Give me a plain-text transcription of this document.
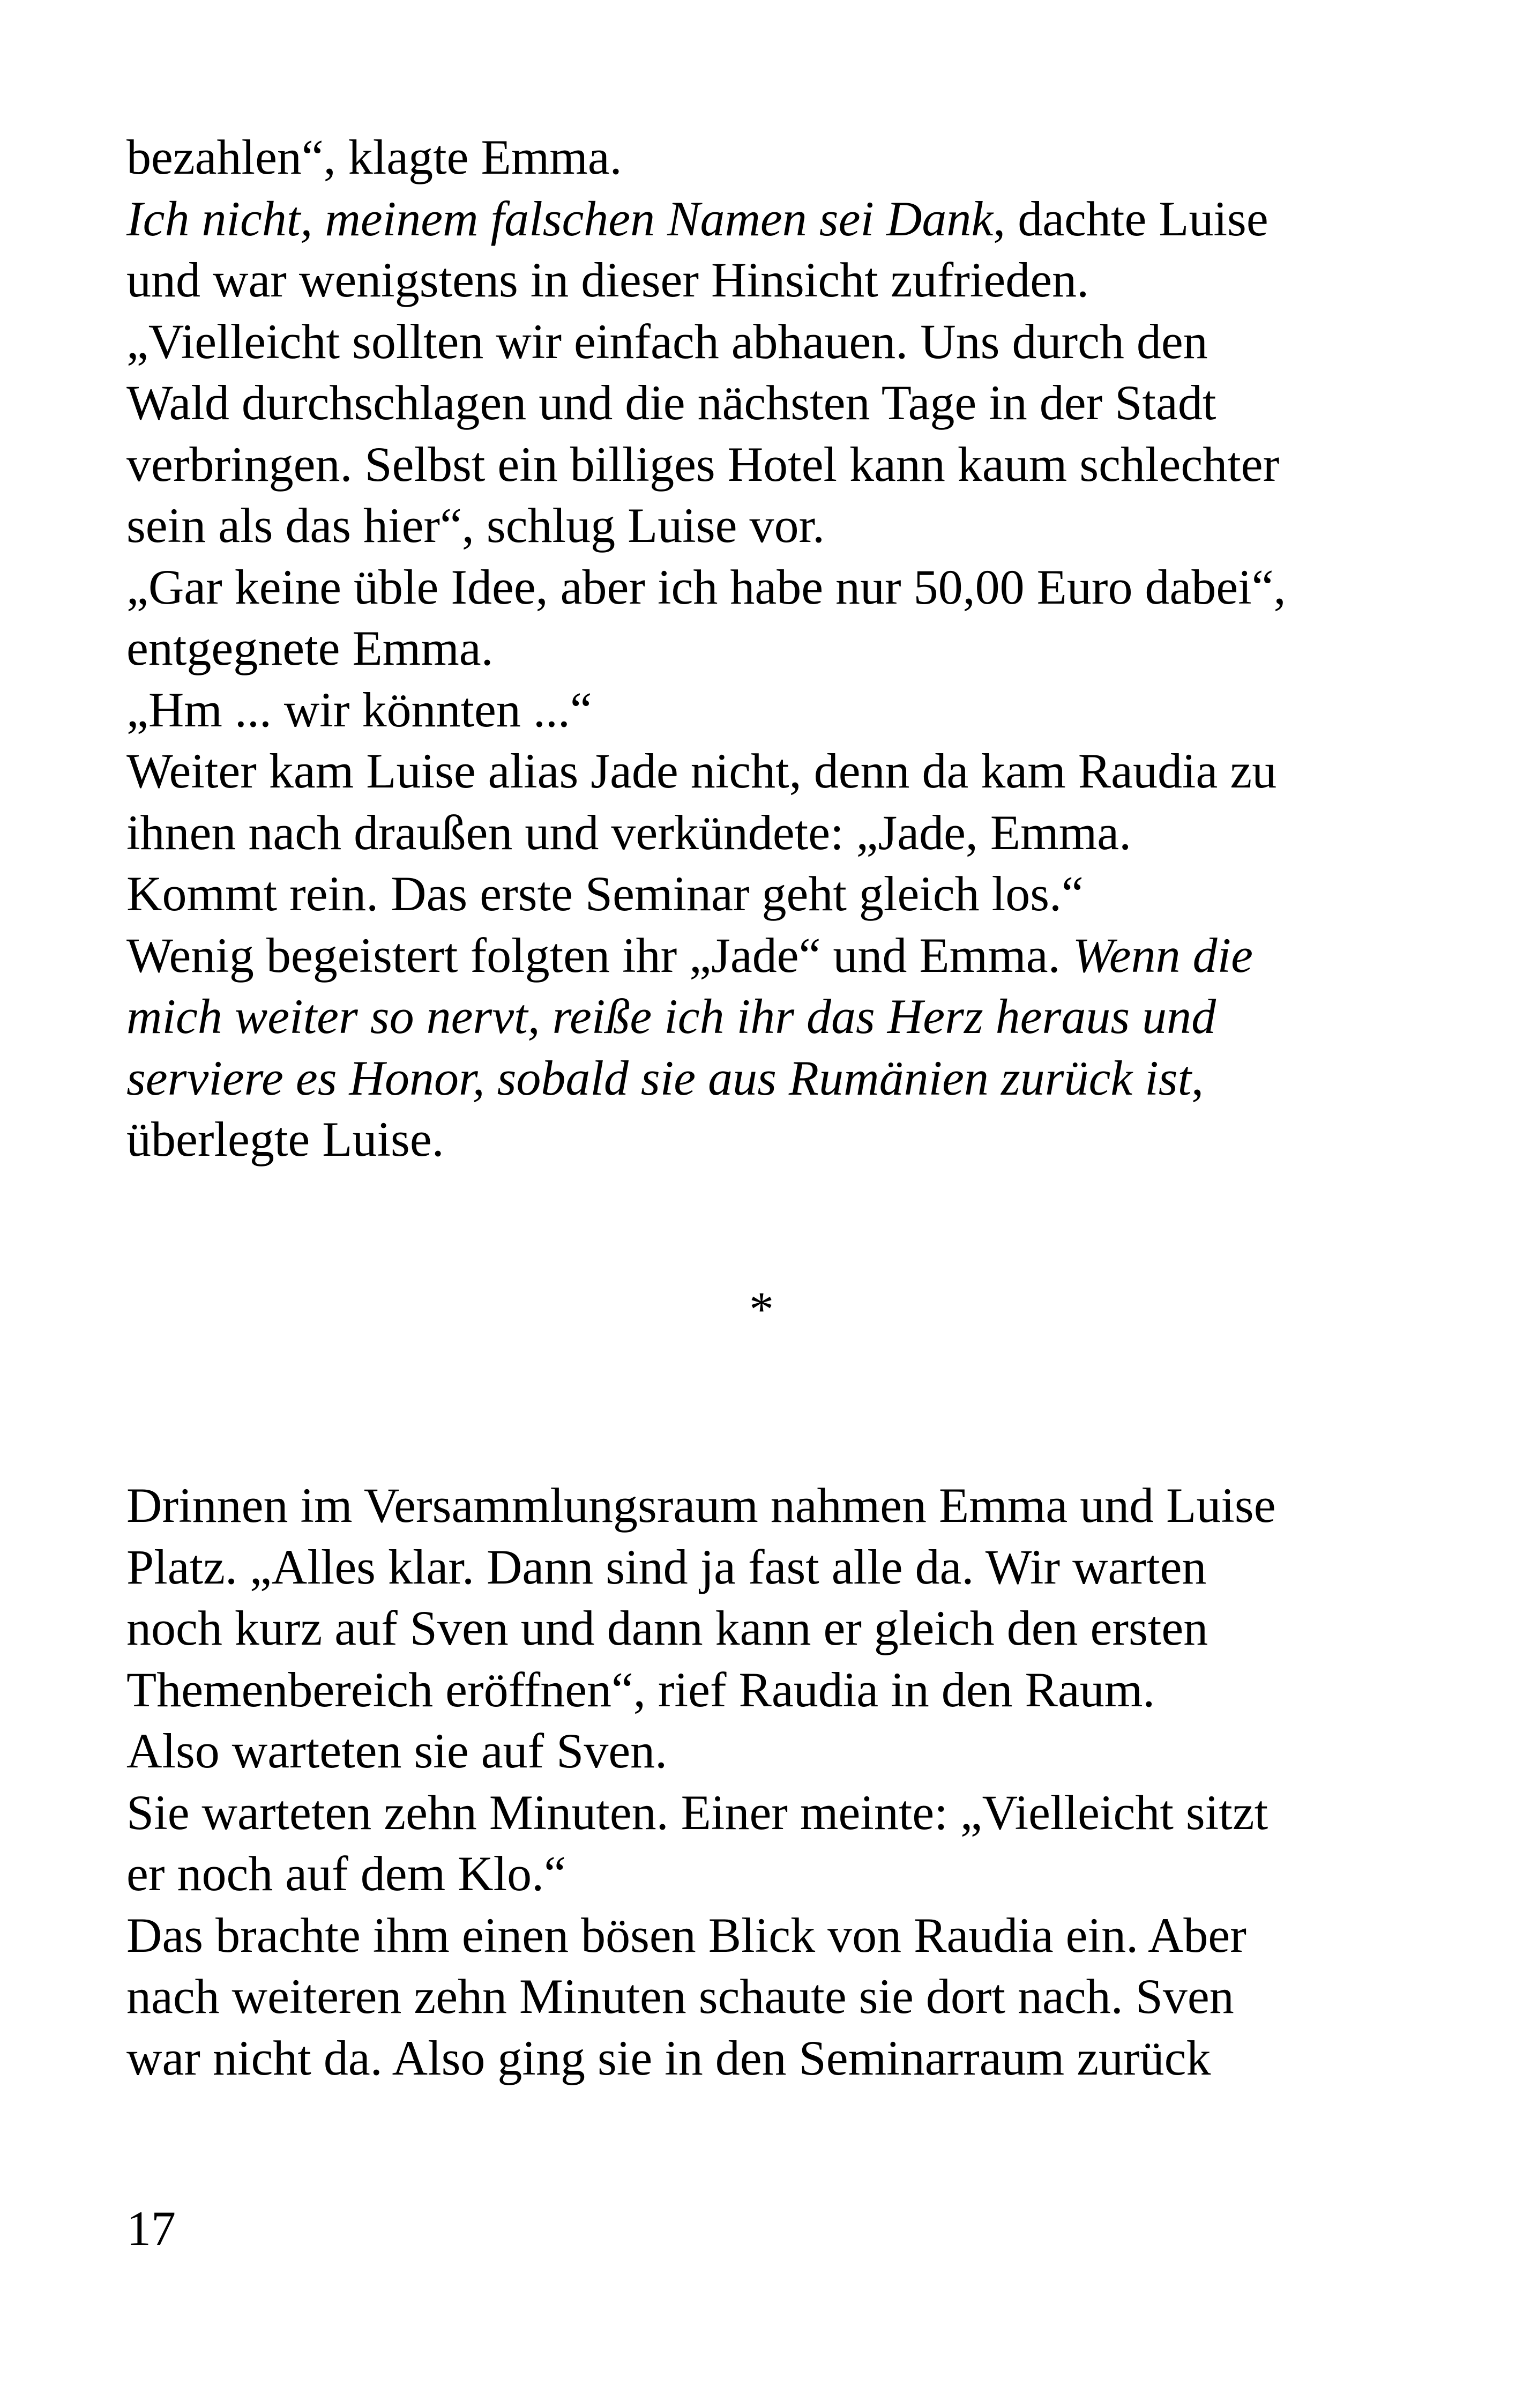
bezahlen“, klagte Emma.
Ich nicht, meinem falschen Namen sei Dank, dachte Luise
und war wenigstens in dieser Hinsicht zufrieden.
„Vielleicht sollten wir einfach abhauen. Uns durch den
Wald durchschlagen und die nächsten Tage in der Stadt
verbringen. Selbst ein billiges Hotel kann kaum schlechter
sein als das hier“, schlug Luise vor.
„Gar keine üble Idee, aber ich habe nur 50,00 Euro dabei“,
entgegnete Emma.
„Hm ... wir könnten ...“
Weiter kam Luise alias Jade nicht, denn da kam Raudia zu
ihnen nach draußen und verkündete: „Jade, Emma.
Kommt rein. Das erste Seminar geht gleich los.“
Wenig begeistert folgten ihr „Jade“ und Emma. Wenn die
mich weiter so nervt, reiße ich ihr das Herz heraus und
serviere es Honor, sobald sie aus Rumänien zurück ist,
überlegte Luise.
*
Drinnen im Versammlungsraum nahmen Emma und Luise
Platz. „Alles klar. Dann sind ja fast alle da. Wir warten
noch kurz auf Sven und dann kann er gleich den ersten
Themenbereich eröffnen“, rief Raudia in den Raum.
Also warteten sie auf Sven.
Sie warteten zehn Minuten. Einer meinte: „Vielleicht sitzt
er noch auf dem Klo.“
Das brachte ihm einen bösen Blick von Raudia ein. Aber
nach weiteren zehn Minuten schaute sie dort nach. Sven
war nicht da. Also ging sie in den Seminarraum zurück
17
